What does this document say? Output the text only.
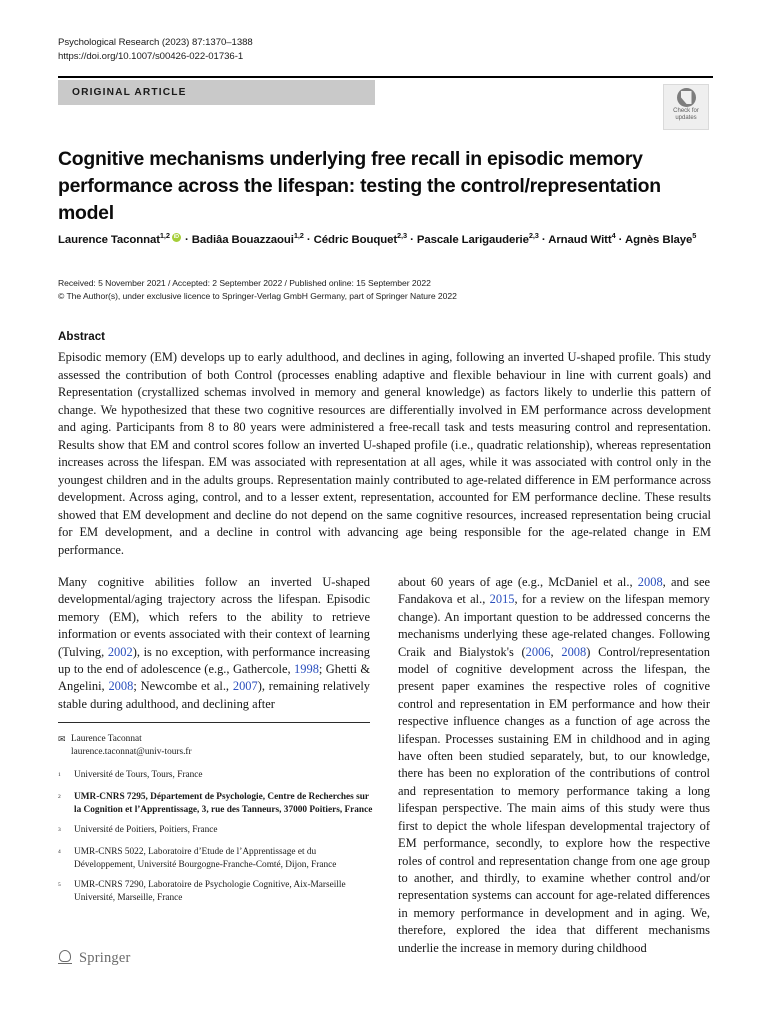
Psychological Research (2023) 87:1370–1388
https://doi.org/10.1007/s00426-022-01736-1
ORIGINAL ARTICLE
Check for
updates
Cognitive mechanisms underlying free recall in episodic memory performance across the lifespan: testing the control/representation model
Laurence Taconnat$^{1,2}$iD · Badiâa Bouazzaoui$^{1,2}$ · Cédric Bouquet$^{2,3}$ · Pascale Larigauderie$^{2,3}$ · Arnaud Witt$^4$ · Agnès Blaye$^5$
Received: 5 November 2021 / Accepted: 2 September 2022 / Published online: 15 September 2022
© The Author(s), under exclusive licence to Springer-Verlag GmbH Germany, part of Springer Nature 2022
Abstract
Episodic memory (EM) develops up to early adulthood, and declines in aging, following an inverted U-shaped profile. This study assessed the contribution of both Control (processes enabling adaptive and flexible behaviour in line with current goals) and Representation (crystallized schemas involved in memory and general knowledge) as factors likely to underlie this pattern of change. We hypothesized that these two cognitive resources are differentially involved in EM performance across development and aging. Participants from 8 to 80 years were administered a free-recall task and tests measuring control and representation. Results show that EM and control scores follow an inverted U-shaped profile (i.e., quadratic relationship), whereas representation increases across the lifespan. EM was associated with representation at all ages, while it was associated with control only in the youngest children and in the adults groups. Representation mainly contributed to age-related difference in EM performance across development. Across aging, control, and to a lesser extent, representation, accounted for EM performance decline. These results showed that EM development and decline do not depend on the same cognitive resources, increased representation being crucial for EM development, and a decline in control with advancing age being responsible for the age-related change in EM performance.

Many cognitive abilities follow an inverted U-shaped developmental/aging trajectory across the lifespan. Episodic memory (EM), which refers to the ability to retrieve information or events associated with their context of learning (Tulving, 2002), is no exception, with performance increasing up to the end of adolescence (e.g., Gathercole, 1998; Ghetti & Angelini, 2008; Newcombe et al., 2007), remaining relatively stable during adulthood, and declining after

about 60 years of age (e.g., McDaniel et al., 2008, and see Fandakova et al., 2015, for a review on the lifespan memory change). An important question to be addressed concerns the mechanisms underlying these age-related changes. Following Craik and Bialystok's (2006, 2008) Control/representation model of cognitive development across the lifespan, the present paper examines the respective roles of cognitive control and representation in EM performance and how their respective influence changes as a function of age across the lifespan. Processes sustaining EM in childhood and in aging have often been studied separately, but, to our knowledge, there has been no exploration of the contributions of control and representation to memory performance taking a long lifespan perspective. The main aims of this study were thus first to depict the whole lifespan developmental trajectory of EM performance, secondly, to explore how the respective roles of control and representation change from one age group to another, and thirdly, to examine whether control and/or representation systems can account for age-related differences in memory performance in development and in aging. We, therefore, explored the idea that different mechanisms underlie the increase in memory during childhood

✉ Laurence Taconnat
laurence.taconnat@univ-tours.fr
$^1$	Université de Tours, Tours, France
$^2$	UMR-CNRS 7295, Département de Psychologie, Centre de Recherches sur la Cognition et l’Apprentissage, 3, rue des Tanneurs, 37000 Poitiers, France
$^3$	Université de Poitiers, Poitiers, France
$^4$	UMR-CNRS 5022, Laboratoire d’Etude de l’Apprentissage et du Développement, Université Bourgogne-Franche-Comté, Dijon, France
$^5$	UMR-CNRS 7290, Laboratoire de Psychologie Cognitive, Aix-Marseille Université, Marseille, France
Springer
